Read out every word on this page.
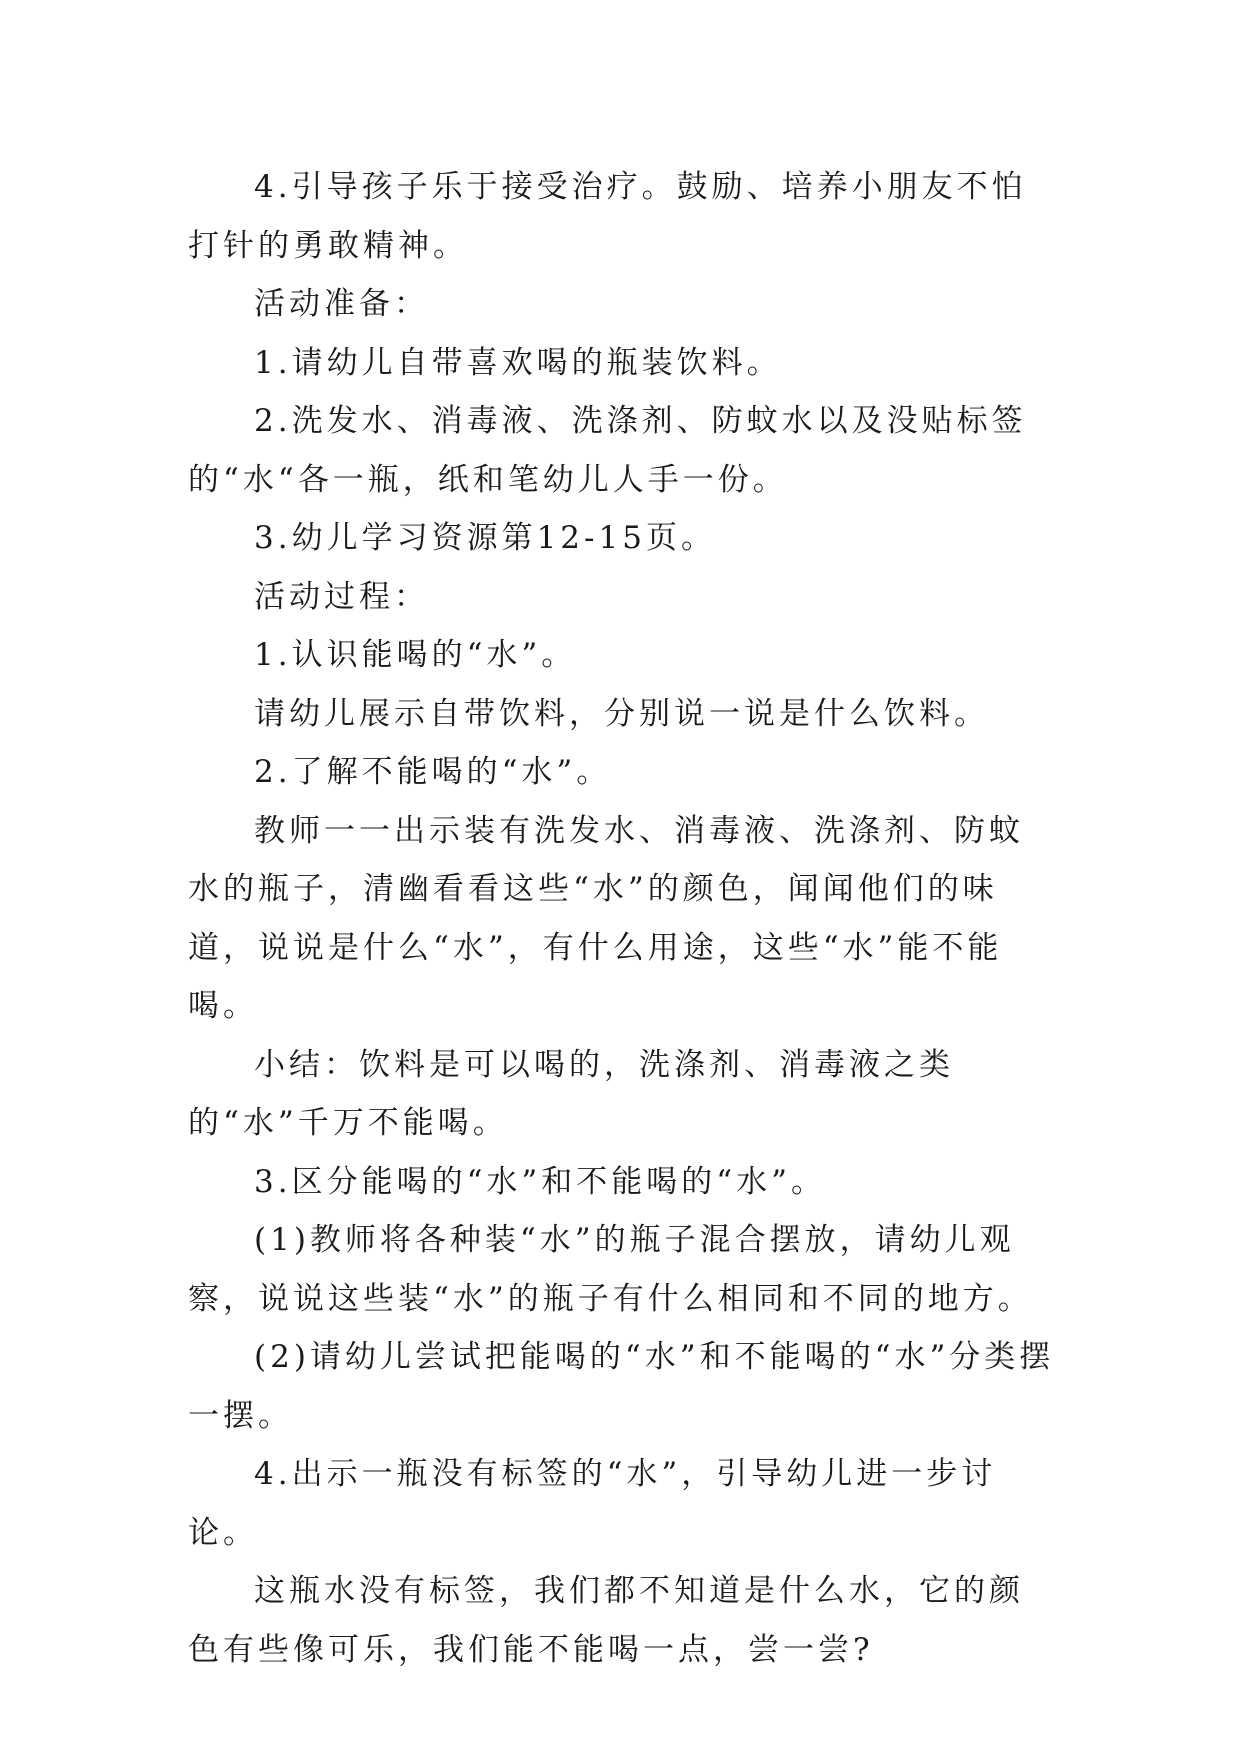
4.引导孩子乐于接受治疗。鼓励、培养小朋友不怕打针的勇敢精神。

活动准备：

1.请幼儿自带喜欢喝的瓶装饮料。

2.洗发水、消毒液、洗涤剂、防蚊水以及没贴标签的“水“各一瓶，纸和笔幼儿人手一份。

3.幼儿学习资源第12-15页。

活动过程：

1.认识能喝的“水”。

请幼儿展示自带饮料，分别说一说是什么饮料。

2.了解不能喝的“水”。

教师一一出示装有洗发水、消毒液、洗涤剂、防蚊水的瓶子，清幽看看这些“水”的颜色，闻闻他们的味道，说说是什么“水”，有什么用途，这些“水”能不能喝。

小结：饮料是可以喝的，洗涤剂、消毒液之类的“水”千万不能喝。

3.区分能喝的“水”和不能喝的“水”。

(1)教师将各种装“水”的瓶子混合摆放，请幼儿观察，说说这些装“水”的瓶子有什么相同和不同的地方。

(2)请幼儿尝试把能喝的“水”和不能喝的“水”分类摆一摆。

4.出示一瓶没有标签的“水”，引导幼儿进一步讨论。

这瓶水没有标签，我们都不知道是什么水，它的颜色有些像可乐，我们能不能喝一点，尝一尝?
